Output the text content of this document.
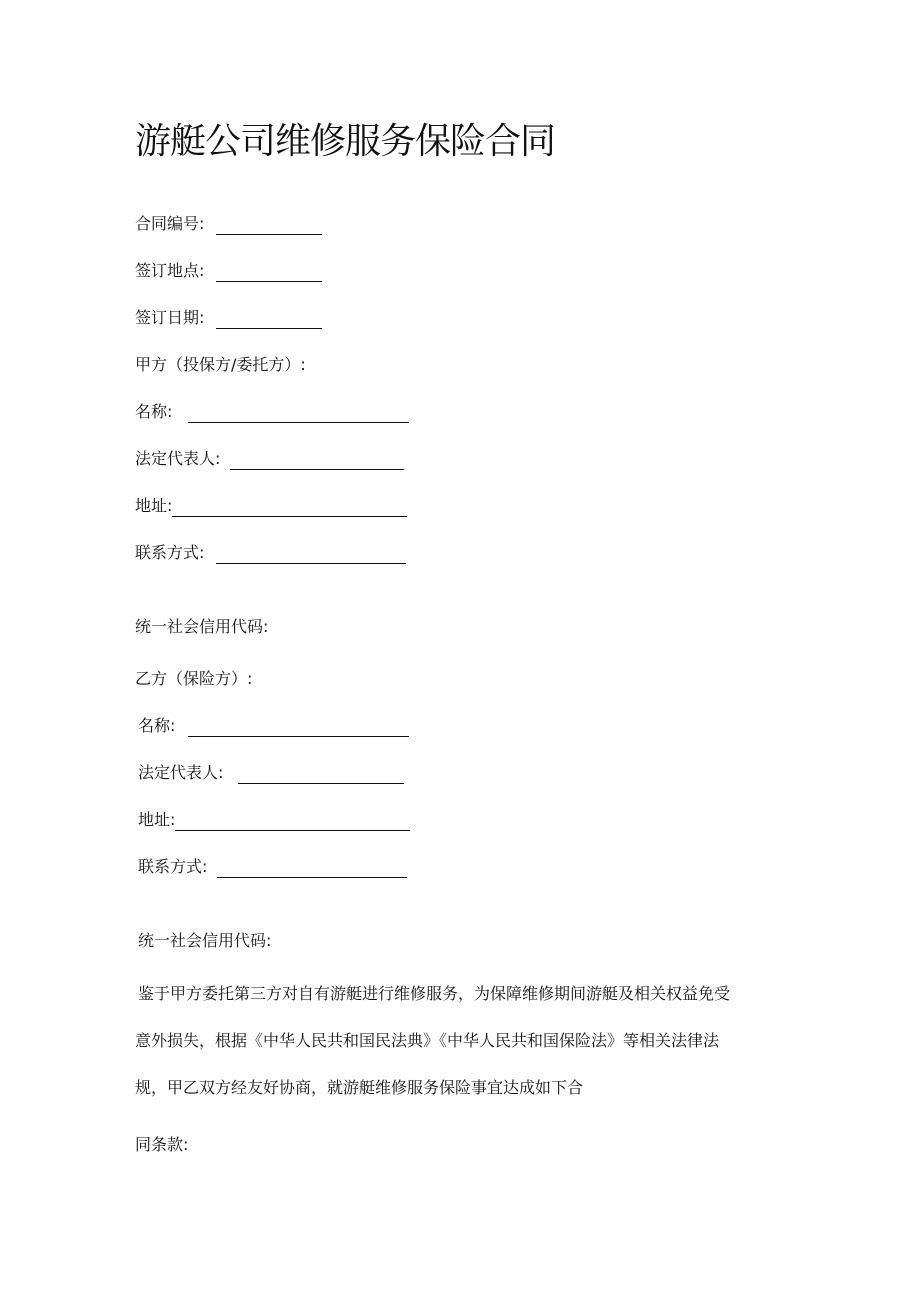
游艇公司维修服务保险合同
合同编号:
签订地点:
签订日期:
甲方（投保方/委托方）:
名称:
法定代表人:
地址:
联系方式:
统一社会信用代码:
乙方（保险方）:
名称:
法定代表人:
地址:
联系方式:
统一社会信用代码:
鉴于甲方委托第三方对自有游艇进行维修服务，为保障维修期间游艇及相关权益免受
意外损失，根据《中华人民共和国民法典》《中华人民共和国保险法》等相关法律法
规，甲乙双方经友好协商，就游艇维修服务保险事宜达成如下合
同条款:
